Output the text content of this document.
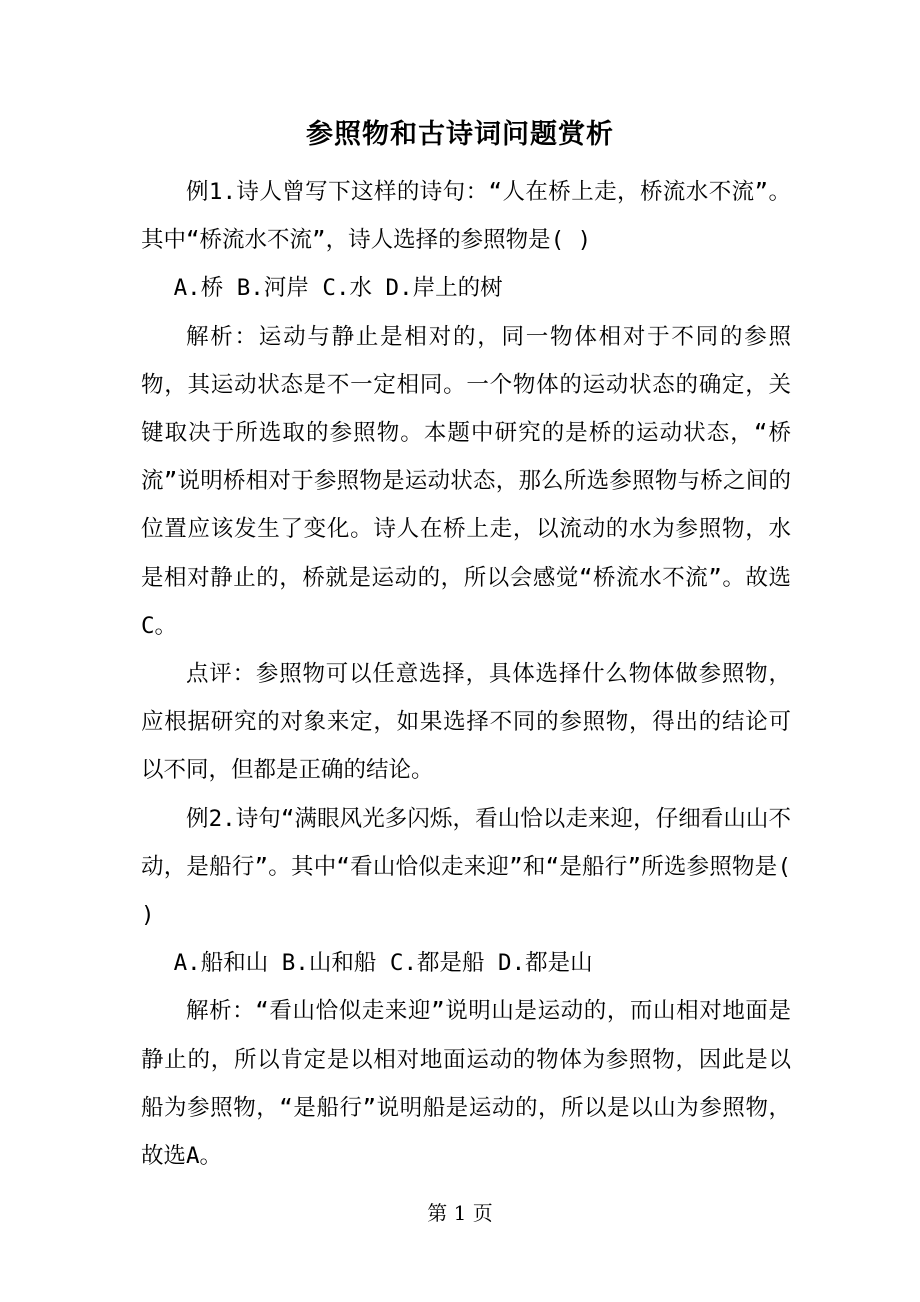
参照物和古诗词问题赏析

例1.诗人曾写下这样的诗句：“人在桥上走，桥流水不流”。其中“桥流水不流”，诗人选择的参照物是( )

A.桥 B.河岸 C.水 D.岸上的树

解析：运动与静止是相对的，同一物体相对于不同的参照物，其运动状态是不一定相同。一个物体的运动状态的确定，关键取决于所选取的参照物。本题中研究的是桥的运动状态，“桥流”说明桥相对于参照物是运动状态，那么所选参照物与桥之间的位置应该发生了变化。诗人在桥上走，以流动的水为参照物，水是相对静止的，桥就是运动的，所以会感觉“桥流水不流”。故选C。

点评：参照物可以任意选择，具体选择什么物体做参照物，应根据研究的对象来定，如果选择不同的参照物，得出的结论可以不同，但都是正确的结论。

例2.诗句“满眼风光多闪烁，看山恰以走来迎，仔细看山山不动，是船行”。其中“看山恰似走来迎”和“是船行”所选参照物是( )

A.船和山 B.山和船 C.都是船 D.都是山

解析：“看山恰似走来迎”说明山是运动的，而山相对地面是静止的，所以肯定是以相对地面运动的物体为参照物，因此是以船为参照物，“是船行”说明船是运动的，所以是以山为参照物，故选A。

第 1 页
